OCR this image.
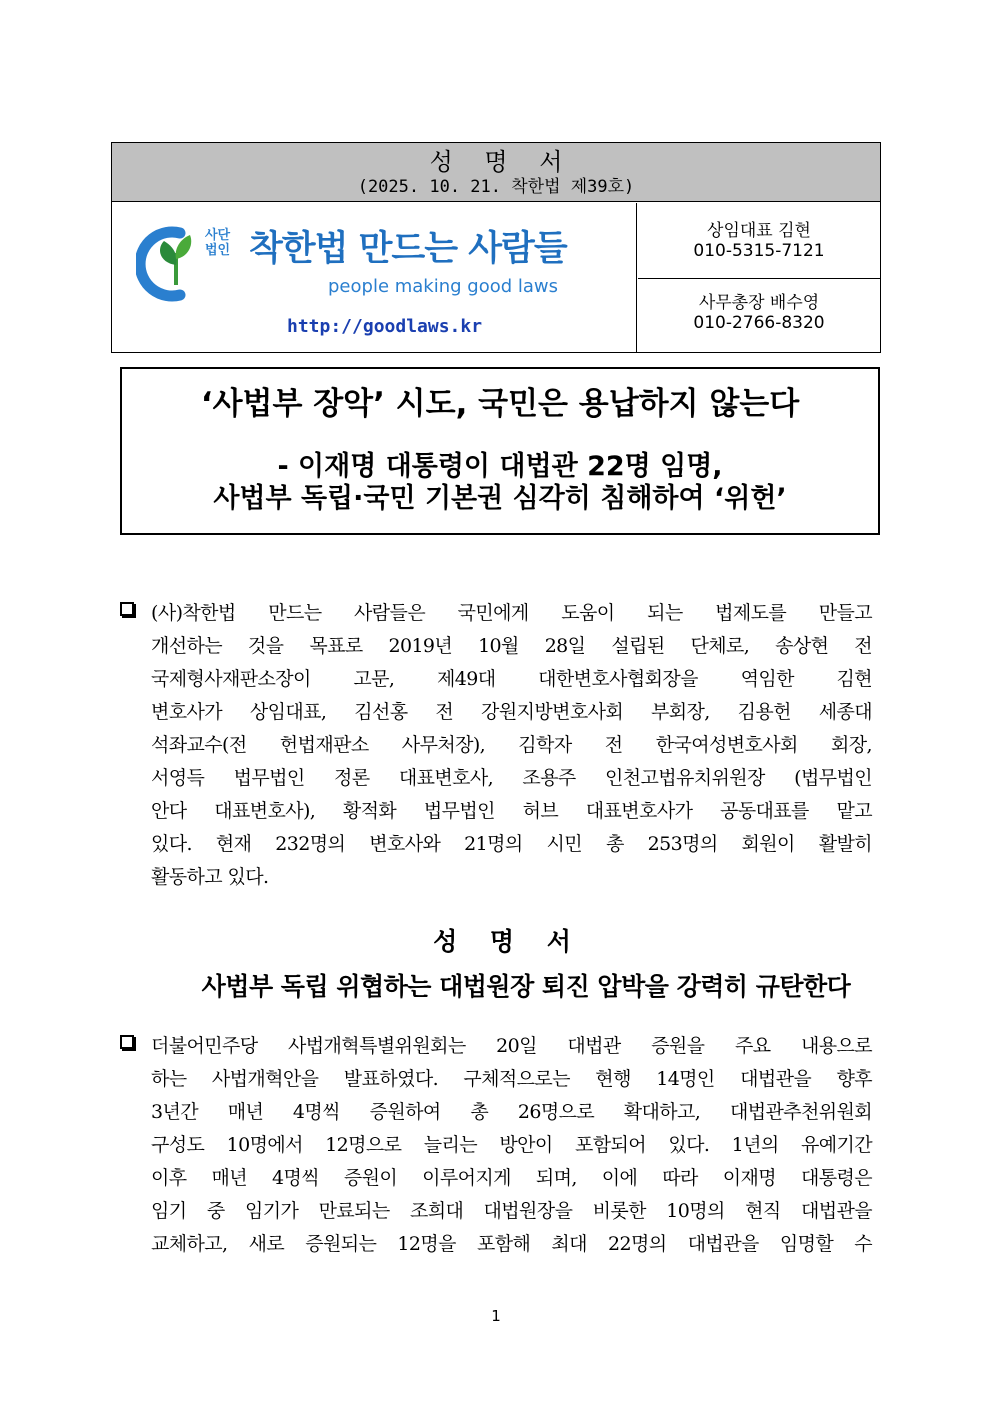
성 명 서
(2025. 10. 21. 착한법 제39호)
사단
법인 착한법 만드는 사람들
people making good laws
http://goodlaws.kr
상임대표 김현
010-5315-7121
사무총장 배수영
010-2766-8320
‘사법부 장악’ 시도, 국민은 용납하지 않는다
- 이재명 대통령이 대법관 22명 임명,
사법부 독립·국민 기본권 심각히 침해하여 ‘위헌’
(사)착한법 만드는 사람들은 국민에게 도움이 되는 법제도를 만들고
개선하는 것을 목표로 2019년 10월 28일 설립된 단체로, 송상현 전
국제형사재판소장이 고문, 제49대 대한변호사협회장을 역임한 김현
변호사가 상임대표, 김선홍 전 강원지방변호사회 부회장, 김용헌 세종대
석좌교수(전 헌법재판소 사무처장), 김학자 전 한국여성변호사회 회장,
서영득 법무법인 정론 대표변호사, 조용주 인천고법유치위원장 (법무법인
안다 대표변호사), 황적화 법무법인 허브 대표변호사가 공동대표를 맡고
있다. 현재 232명의 변호사와 21명의 시민 총 253명의 회원이 활발히
활동하고 있다.
성 명 서
사법부 독립 위협하는 대법원장 퇴진 압박을 강력히 규탄한다
더불어민주당 사법개혁특별위원회는 20일 대법관 증원을 주요 내용으로
하는 사법개혁안을 발표하였다. 구체적으로는 현행 14명인 대법관을 향후
3년간 매년 4명씩 증원하여 총 26명으로 확대하고, 대법관추천위원회
구성도 10명에서 12명으로 늘리는 방안이 포함되어 있다. 1년의 유예기간
이후 매년 4명씩 증원이 이루어지게 되며, 이에 따라 이재명 대통령은
임기 중 임기가 만료되는 조희대 대법원장을 비롯한 10명의 현직 대법관을
교체하고, 새로 증원되는 12명을 포함해 최대 22명의 대법관을 임명할 수
1
